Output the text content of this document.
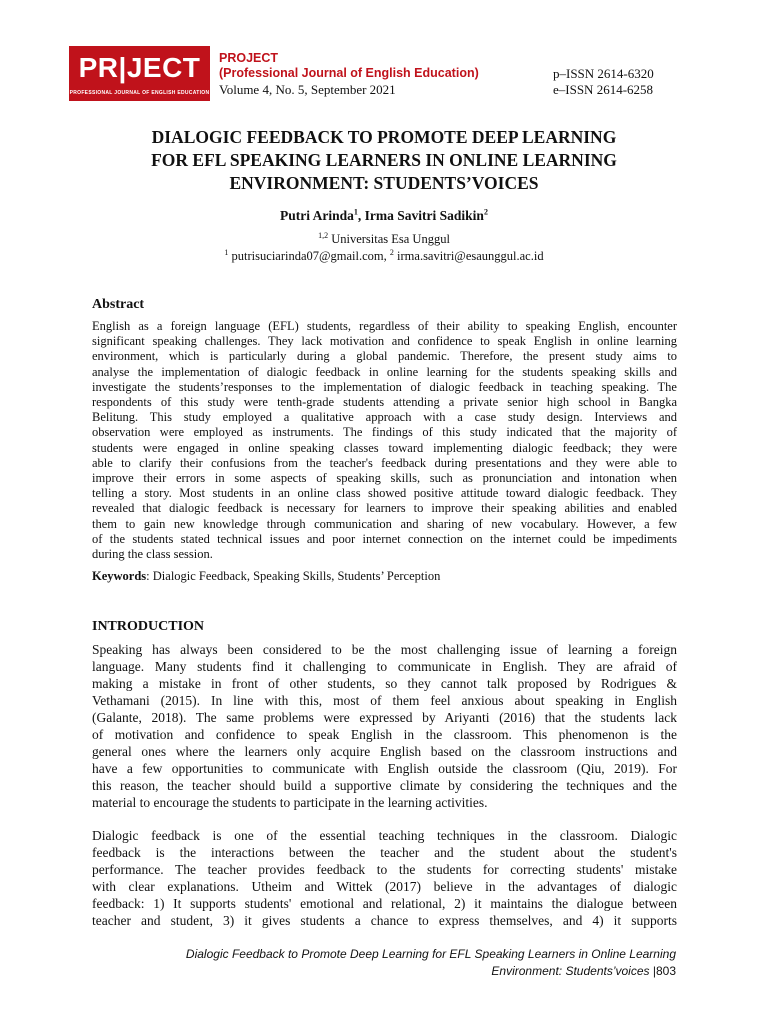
PR|JECT
PROFESSIONAL JOURNAL OF ENGLISH EDUCATION
PROJECT
(Professional Journal of English Education)
Volume 4, No. 5, September 2021
p–ISSN 2614-6320
e–ISSN 2614-6258
DIALOGIC FEEDBACK TO PROMOTE DEEP LEARNING
FOR EFL SPEAKING LEARNERS IN ONLINE LEARNING
ENVIRONMENT: STUDENTS’VOICES
Putri Arinda$^1$, Irma Savitri Sadikin$^2$
$^{1,2}$ Universitas Esa Unggul
$^1$ putrisuciarinda07@gmail.com, $^2$ irma.savitri@esaunggul.ac.id
Abstract
English as a foreign language (EFL) students, regardless of their ability to speaking English, encounter
significant speaking challenges. They lack motivation and confidence to speak English in online learning
environment, which is particularly during a global pandemic. Therefore, the present study aims to
analyse the implementation of dialogic feedback in online learning for the students speaking skills and
investigate the students’responses to the implementation of dialogic feedback in teaching speaking. The
respondents of this study were tenth-grade students attending a private senior high school in Bangka
Belitung. This study employed a qualitative approach with a case study design. Interviews and
observation were employed as instruments. The findings of this study indicated that the majority of
students were engaged in online speaking classes toward implementing dialogic feedback; they were
able to clarify their confusions from the teacher's feedback during presentations and they were able to
improve their errors in some aspects of speaking skills, such as pronunciation and intonation when
telling a story. Most students in an online class showed positive attitude toward dialogic feedback. They
revealed that dialogic feedback is necessary for learners to improve their speaking abilities and enabled
them to gain new knowledge through communication and sharing of new vocabulary. However, a few
of the students stated technical issues and poor internet connection on the internet could be impediments
during the class session.
Keywords: Dialogic Feedback, Speaking Skills, Students’ Perception
INTRODUCTION
Speaking has always been considered to be the most challenging issue of learning a foreign
language. Many students find it challenging to communicate in English. They are afraid of
making a mistake in front of other students, so they cannot talk proposed by Rodrigues &
Vethamani (2015). In line with this, most of them feel anxious about speaking in English
(Galante, 2018). The same problems were expressed by Ariyanti (2016) that the students lack
of motivation and confidence to speak English in the classroom. This phenomenon is the
general ones where the learners only acquire English based on the classroom instructions and
have a few opportunities to communicate with English outside the classroom (Qiu, 2019). For
this reason, the teacher should build a supportive climate by considering the techniques and the
material to encourage the students to participate in the learning activities.
Dialogic feedback is one of the essential teaching techniques in the classroom. Dialogic
feedback is the interactions between the teacher and the student about the student's
performance. The teacher provides feedback to the students for correcting students' mistake
with clear explanations. Utheim and Wittek (2017) believe in the advantages of dialogic
feedback: 1) It supports students' emotional and relational, 2) it maintains the dialogue between
teacher and student, 3) it gives students a chance to express themselves, and 4) it supports
Dialogic Feedback to Promote Deep Learning for EFL Speaking Learners in Online Learning
Environment: Students’voices |803
